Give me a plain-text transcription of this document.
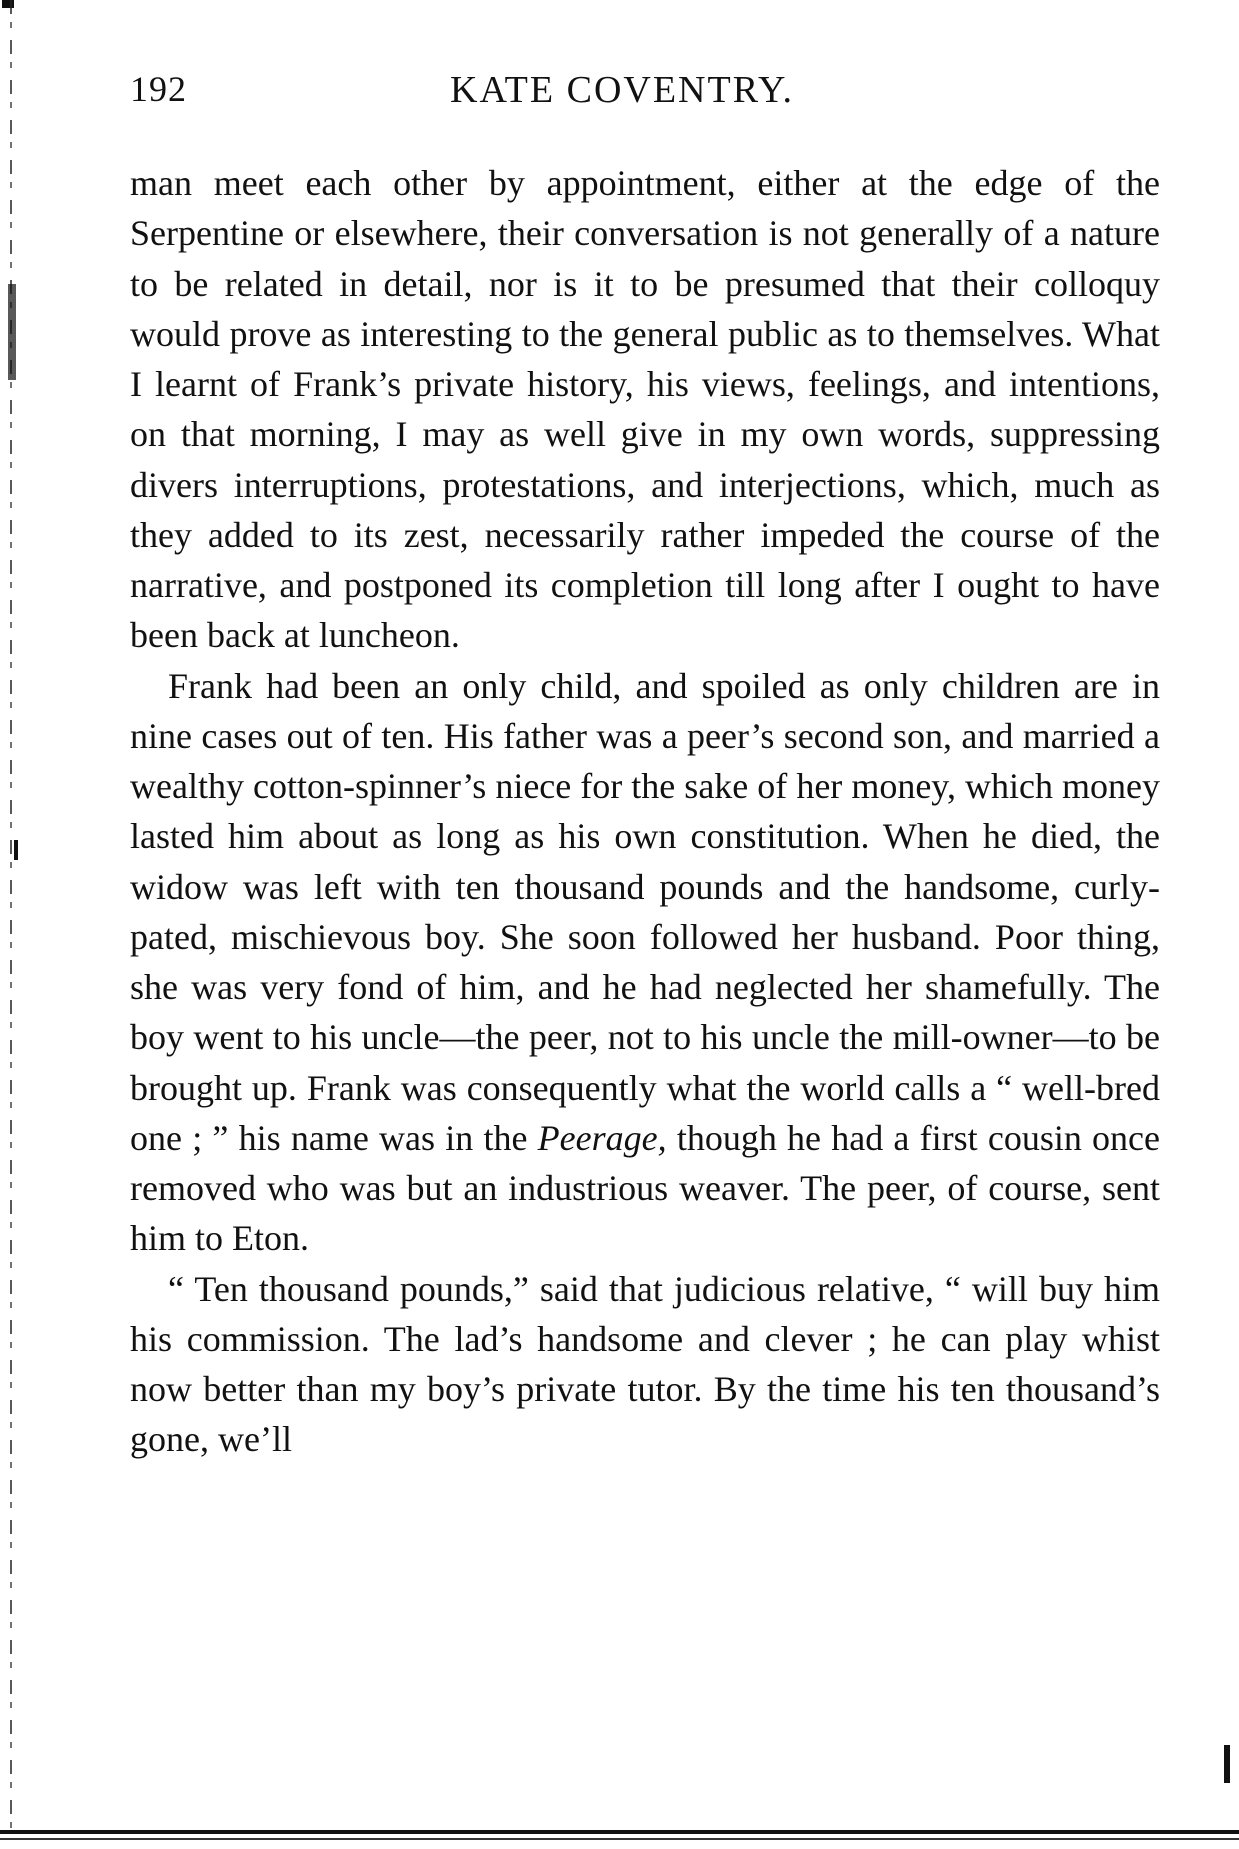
192	KATE COVENTRY.

man meet each other by appointment, either at the edge of the Serpentine or elsewhere, their conversation is not generally of a nature to be related in detail, nor is it to be presumed that their colloquy would prove as interesting to the general public as to themselves. What I learnt of Frank’s private history, his views, feelings, and intentions, on that morning, I may as well give in my own words, suppressing divers interruptions, protestations, and interjections, which, much as they added to its zest, necessarily rather impeded the course of the narrative, and postponed its completion till long after I ought to have been back at luncheon.

Frank had been an only child, and spoiled as only children are in nine cases out of ten. His father was a peer’s second son, and married a wealthy cotton-spinner’s niece for the sake of her money, which money lasted him about as long as his own constitution. When he died, the widow was left with ten thousand pounds and the handsome, curly-pated, mischievous boy. She soon followed her husband. Poor thing, she was very fond of him, and he had neglected her shamefully. The boy went to his uncle—the peer, not to his uncle the mill-owner—to be brought up. Frank was consequently what the world calls a “ well-bred one ; ” his name was in the Peerage, though he had a first cousin once removed who was but an industrious weaver. The peer, of course, sent him to Eton.

“ Ten thousand pounds,” said that judicious relative, “ will buy him his commission. The lad’s handsome and clever ; he can play whist now better than my boy’s private tutor. By the time his ten thousand’s gone, we’ll
